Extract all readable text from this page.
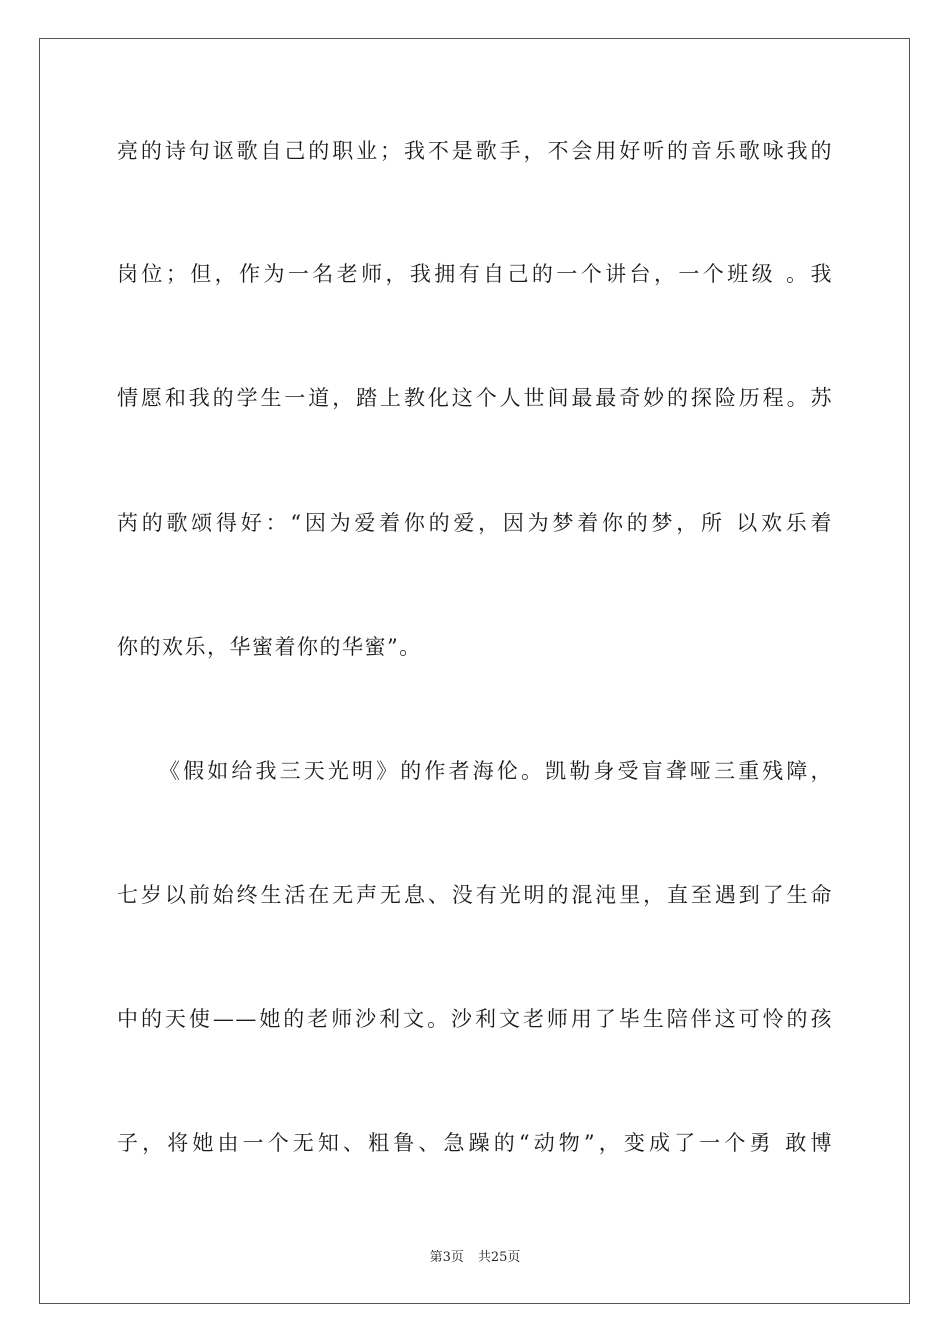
亮的诗句讴歌自己的职业；我不是歌手，不会用好听的音乐歌咏我的
岗位；但，作为一名老师，我拥有自己的一个讲台，一个班级 。我
情愿和我的学生一道，踏上教化这个人世间最最奇妙的探险历程。苏
芮的歌颂得好：“因为爱着你的爱，因为梦着你的梦，所 以欢乐着
你的欢乐，华蜜着你的华蜜”。
《假如给我三天光明》的作者海伦。凯勒身受盲聋哑三重残障，
七岁以前始终生活在无声无息、没有光明的混沌里，直至遇到了生命
中的天使——她的老师沙利文。沙利文老师用了毕生陪伴这可怜的孩
子，将她由一个无知、粗鲁、急躁的“动物”，变成了一个勇 敢博
第3页 共25页
